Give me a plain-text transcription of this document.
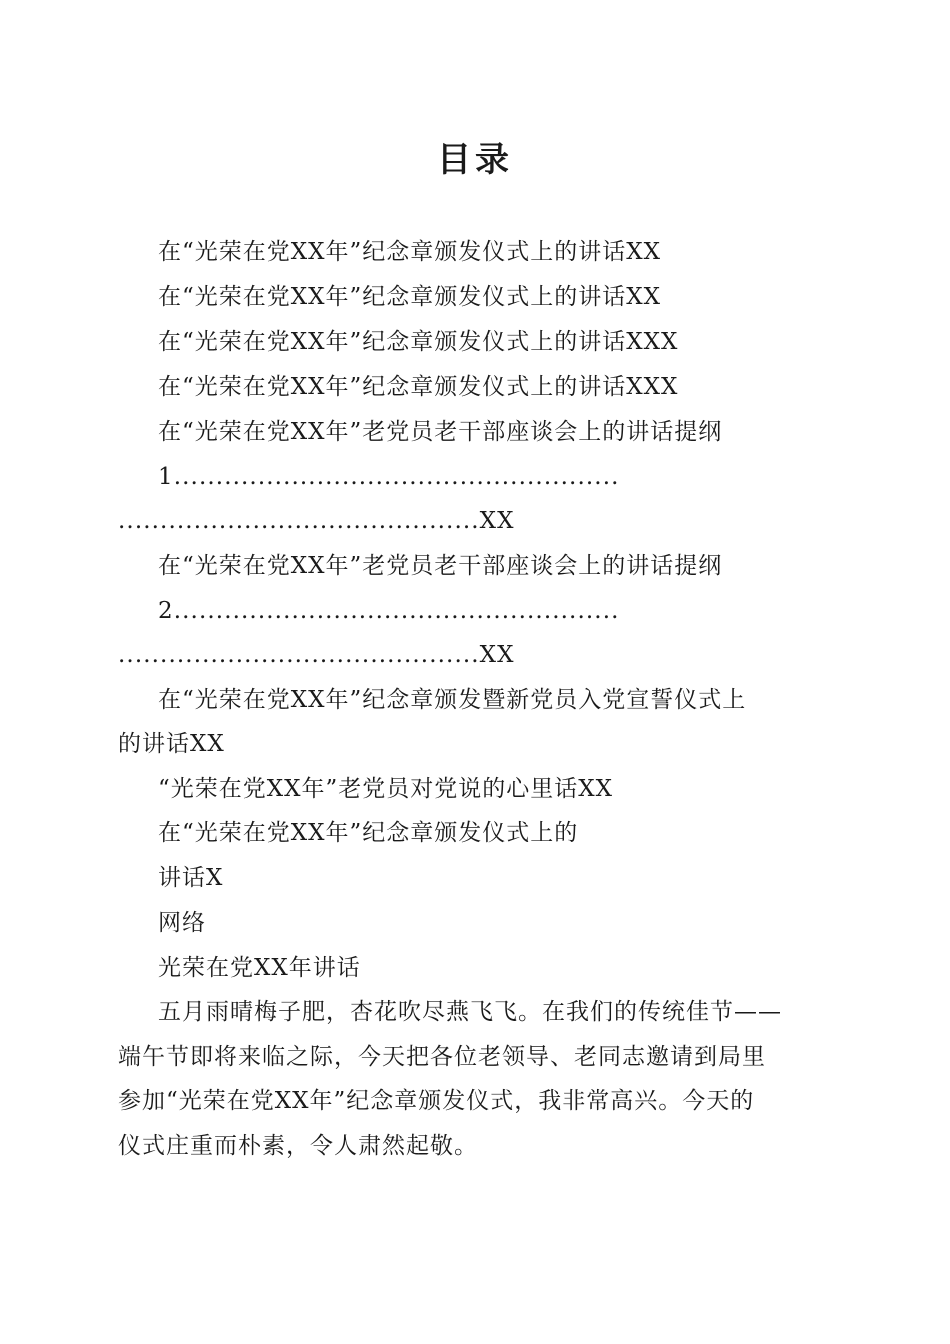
目录
在“光荣在党XX年”纪念章颁发仪式上的讲话XX
在“光荣在党XX年”纪念章颁发仪式上的讲话XX
在“光荣在党XX年”纪念章颁发仪式上的讲话XXX
在“光荣在党XX年”纪念章颁发仪式上的讲话XXX
在“光荣在党XX年”老党员老干部座谈会上的讲话提纲
1.....................................................
...........................................XX
在“光荣在党XX年”老党员老干部座谈会上的讲话提纲
2.....................................................
...........................................XX
在“光荣在党XX年”纪念章颁发暨新党员入党宣誓仪式上
的讲话XX
“光荣在党XX年”老党员对党说的心里话XX
在“光荣在党XX年”纪念章颁发仪式上的
讲话X
网络
光荣在党XX年讲话
五月雨晴梅子肥，杏花吹尽燕飞飞。在我们的传统佳节——
端午节即将来临之际，今天把各位老领导、老同志邀请到局里
参加“光荣在党XX年”纪念章颁发仪式，我非常高兴。今天的
仪式庄重而朴素，令人肃然起敬。
